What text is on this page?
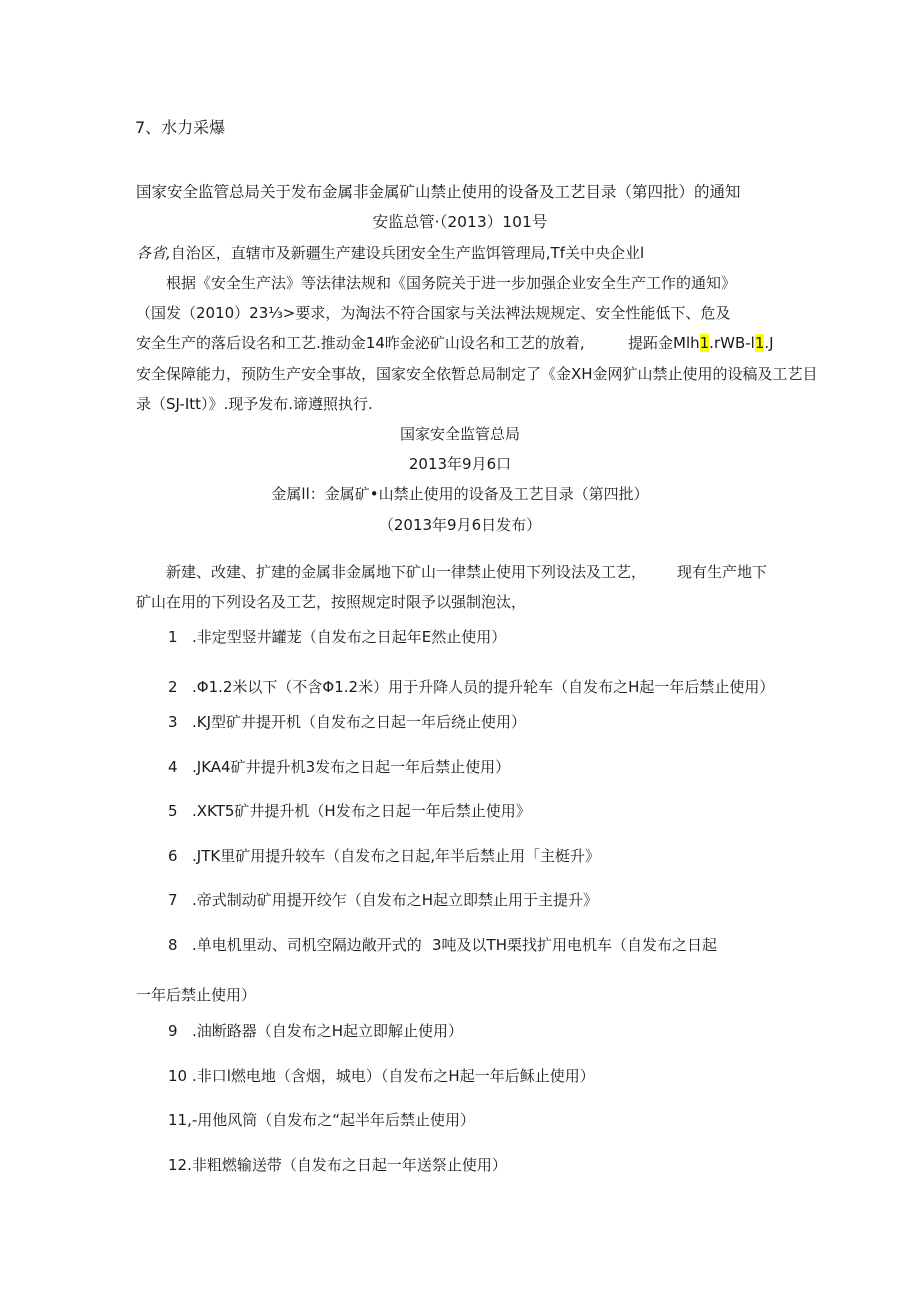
7、水力采爆
国家安全监管总局关于发布金属非金属矿山禁止使用的设备及工艺目录（第四批）的通知
安监总管·（2013）101号
各省,自治区，直辖市及新疆生产建设兵团安全生产监饵管理局,Tf关中央企业l
根据《安全生产法》等法律法规和《国务院关于进一步加强企业安全生产工作的通知》
（国发（2010）23⅓>要求，为淘法不符合国家与关法裨法规规定、安全性能低下、危及
安全生产的落后设名和工艺.推动金14昨金泌矿山设名和工艺的放着,	提跖金Mlh1.rWB-l1.J
安全保障能力，预防生产安全事故，国家安全依暂总局制定了《金XH金网犷山禁止使用的设稿及工艺目
录（SJ-Itt）》.现予发布.谛遵照执行.
国家安全监管总局
2013年9月6口
金属ll：金属矿•山禁止使用的设备及工艺目录（第四批）
（2013年9月6日发布）
新建、改建、扩建的金属非金属地下矿山一律禁止使用下列设法及工艺， 现有生产地下
矿山在用的下列设名及工艺，按照规定时限予以强制泡汰，
1 .非定型竖井罐茏（自发布之日起年E然止使用）
2 .Φ1.2米以下（不含Φ1.2米）用于升降人员的提升轮车（自发布之H起一年后禁止使用）
3 .KJ型矿井提开机（自发布之日起一年后绕止使用）
4 .JKA4矿井提升机3发布之日起一年后禁止使用）
5 .XKT5矿井提升机（H发布之日起一年后禁止使用》
6 .JTK里矿用提升较车（自发布之日起,年半后禁止用「主梃升》
7 .帝式制动矿用提开绞乍（自发布之H起立即禁止用于主提升》
8 .单电机里动、司机空隔边敞开式的 3吨及以TH栗找扩用电机车（自发布之日起
一年后禁止使用）
9 .油断路器（自发布之H起立即解止使用）
10 .非口l燃电地（含烟，城电）（自发布之H起一年后稣止使用）
11,-用他风筒（自发布之“起半年后禁止使用）
12.非粗燃输送带（自发布之日起一年送祭止使用）
